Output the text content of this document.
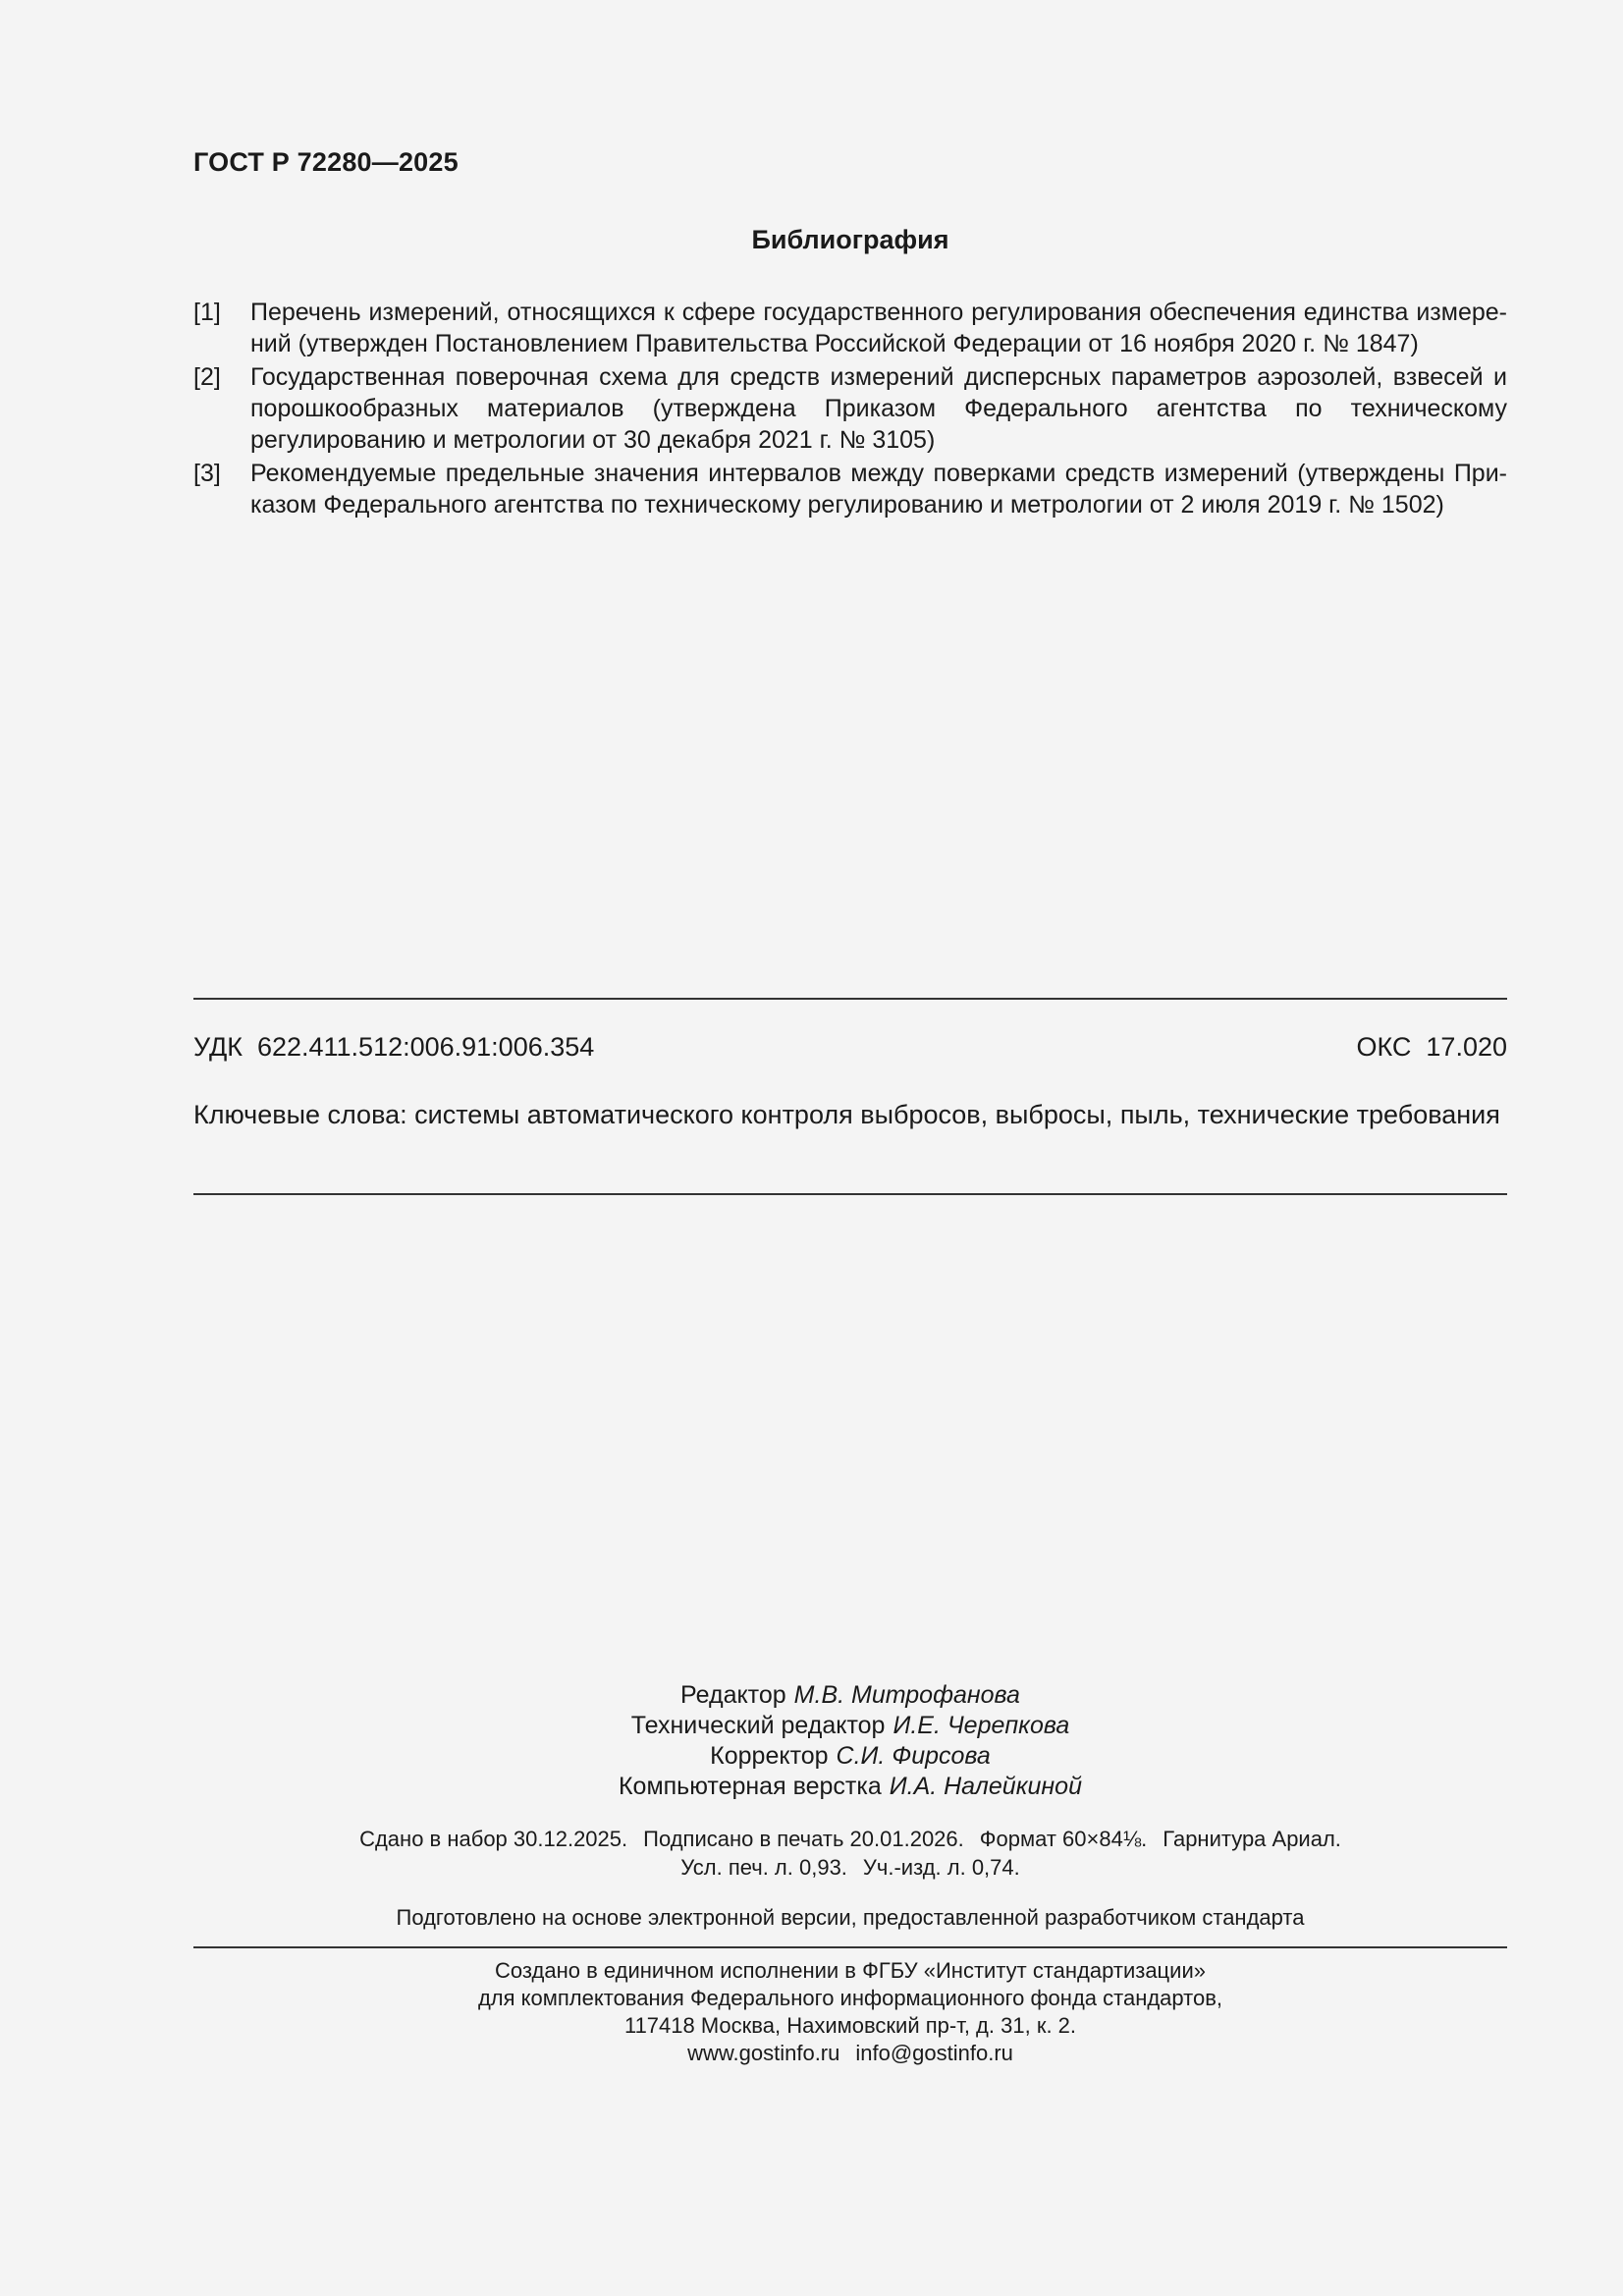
ГОСТ Р 72280—2025
Библиография
[1]	Перечень измерений, относящихся к сфере государственного регулирования обеспечения единства измерений (утвержден Постановлением Правительства Российской Федерации от 16 ноября 2020 г. № 1847)
[2]	Государственная поверочная схема для средств измерений дисперсных параметров аэрозолей, взвесей и порошкообразных материалов (утверждена Приказом Федерального агентства по техническому регулированию и метрологии от 30 декабря 2021 г. № 3105)
[3]	Рекомендуемые предельные значения интервалов между поверками средств измерений (утверждены Приказом Федерального агентства по техническому регулированию и метрологии от 2 июля 2019 г. № 1502)
УДК  622.411.512:006.91:006.354	ОКС  17.020
Ключевые слова: системы автоматического контроля выбросов, выбросы, пыль, технические требования
Редактор М.В. Митрофанова
Технический редактор И.Е. Черепкова
Корректор С.И. Фирсова
Компьютерная верстка И.А. Налейкиной
Сдано в набор 30.12.2025. Подписано в печать 20.01.2026. Формат 60×84⅛. Гарнитура Ариал.
Усл. печ. л. 0,93. Уч.-изд. л. 0,74.
Подготовлено на основе электронной версии, предоставленной разработчиком стандарта
Создано в единичном исполнении в ФГБУ «Институт стандартизации»
для комплектования Федерального информационного фонда стандартов,
117418 Москва, Нахимовский пр-т, д. 31, к. 2.
www.gostinfo.ru info@gostinfo.ru
